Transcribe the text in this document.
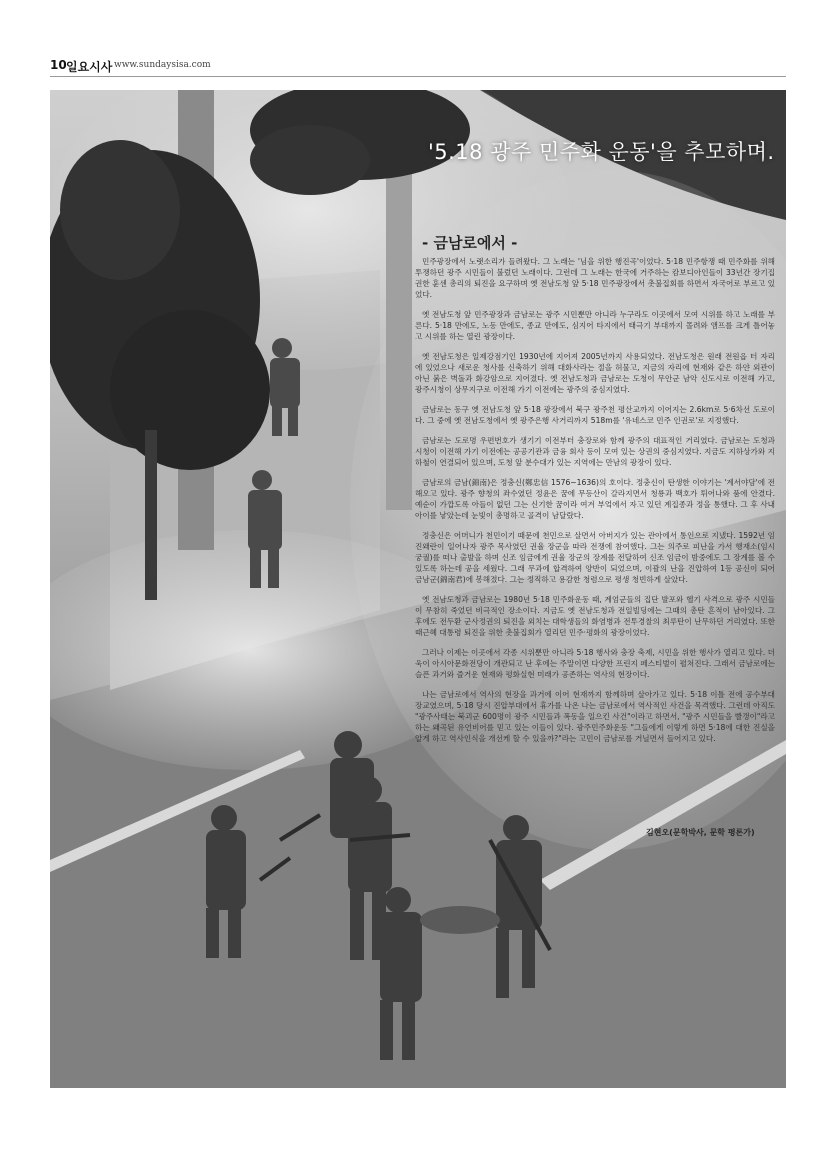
10 일요시사 www.sundaysisa.com
'5.18 광주 민주화 운동'을 추모하며.
- 금남로에서 -

민주광장에서 노랫소리가 들려왔다. 그 노래는 '님을 위한 행진곡'이었다. 5·18 민주항쟁 때 민주화를 위해 투쟁하던 광주 시민들이 불렀던 노래이다. 그런데 그 노래는 한국에 거주하는 캄보디아인들이 33년간 장기집권한 훈센 총리의 퇴진을 요구하며 옛 전남도청 앞 5·18 민주광장에서 촛불집회를 하면서 자국어로 부르고 있었다.

옛 전남도청 앞 민주광장과 금남로는 광주 시민뿐만 아니라 누구라도 이곳에서 모여 시위를 하고 노래를 부른다. 5·18 만에도, 노동 만에도, 종교 만에도, 심지어 타지에서 태극기 부대까지 몰려와 앰프를 크게 틀어놓고 시위를 하는 열린 광장이다.

옛 전남도청은 일제강점기인 1930년에 지어져 2005년까지 사용되었다. 전남도청은 원래 전원읍 터 자리에 있었으나 새로운 청사를 신축하기 위해 대화사라는 절을 허물고, 지금의 자리에 현재와 같은 하얀 외관이 아닌 붉은 벽돌과 화강암으로 지어졌다. 옛 전남도청과 금남로는 도청이 무안군 남악 신도시로 이전해 가고, 광주시청이 상무지구로 이전해 가기 이전에는 광주의 중심지였다.

금남로는 동구 옛 전남도청 앞 5·18 광장에서 북구 광주천 평산교까지 이어지는 2.6km로 5·6차선 도로이다. 그 중에 옛 전남도청에서 옛 광주은행 사거리까지 518m를 '유네스코 민주 인권로'로 지정했다.

금남로는 도로명 우편번호가 생기기 이전부터 충장로와 함께 광주의 대표적인 거리였다. 금남로는 도청과 시청이 이전해 가기 이전에는 공공기관과 금융 회사 등이 모여 있는 상권의 중심지였다. 지금도 지하상가와 지하철이 연결되어 있으며, 도청 앞 분수대가 있는 지역에는 만남의 광장이 있다.

금남로의 금남(錦南)은 정충신(鄭忠信 1576~1636)의 호이다. 정충신이 탄생한 이야기는 '계서야담'에 전해오고 있다. 광주 향청의 좌수였던 정윤은 꿈에 무등산이 갈라지면서 청룡과 백호가 튀어나와 품에 안겼다. 예순이 가깝도록 아들이 없던 그는 신기한 꿈이라 여겨 부엌에서 자고 있던 계집종과 정을 통했다. 그 후 사내아이를 낳았는데 눈빛이 총명하고 골격이 남달랐다.

정충신은 어머니가 천민이기 때문에 천민으로 살면서 아버지가 있는 관아에서 통인으로 지냈다. 1592년 임진왜란이 일어나자 광주 목사였던 권율 장군을 따라 전쟁에 참여했다. 그는 의주로 피난을 가서 행재소(임시 궁궐)를 떠나 출발을 하며 신조 임금에게 권율 장군의 장계를 전달하여 신조 임금이 밤중에도 그 장계를 볼 수 있도록 하는데 공을 세웠다. 그래 무과에 합격하여 양반이 되었으며, 이괄의 난을 진압하여 1등 공신이 되어 금남군(錦南君)에 봉해졌다. 그는 정직하고 용감한 청렴으로 평생 청빈하게 살았다.

옛 전남도청과 금남로는 1980년 5·18 민주화운동 때, 계엄군들의 집단 발포와 헬기 사격으로 광주 시민들이 무참히 죽었던 비극적인 장소이다. 지금도 옛 전남도청과 전일빌딩에는 그때의 총탄 흔적이 남아있다. 그 후에도 전두환 군사정권의 퇴진을 외치는 대학생들의 화염병과 전투경찰의 최루탄이 난무하던 거리였다. 또한 때근혜 대통령 퇴진을 위한 촛불집회가 열리던 민주·평화의 광장이었다.

그러나 이제는 이곳에서 각종 시위뿐만 아니라 5·18 행사와 충장 축제, 시민을 위한 행사가 열리고 있다. 더욱이 아시아문화전당이 개관되고 난 후에는 주말이면 다양한 프린지 페스티벌이 펼쳐진다. 그래서 금남로에는 슬픈 과거와 즐거운 현재와 평화실현 미래가 공존하는 역사의 현장이다.

나는 금남로에서 역사의 현장을 과거에 이어 현재까지 함께하며 살아가고 있다. 5·18 이틀 전에 공수부대 장교였으며, 5·18 당시 진압부대에서 휴가를 나온 나는 금남로에서 역사적인 사건을 목격했다. 그런데 아직도 "광주사태는 북괴군 600명이 광주 시민들과 폭동을 일으킨 사건"이라고 하면서, "광주 시민들을 빨갱이"라고 하는 왜곡된 유언비어를 믿고 있는 이들이 있다. 광주민주화운동 "그들에게 이렇게 하면 5·18에 대한 진실을 알게 하고 역사인식을 개선케 할 수 있을까?"라는 고민이 금남로를 거닐면서 들어지고 있다.

김현오(문학박사, 문학 평론가)
